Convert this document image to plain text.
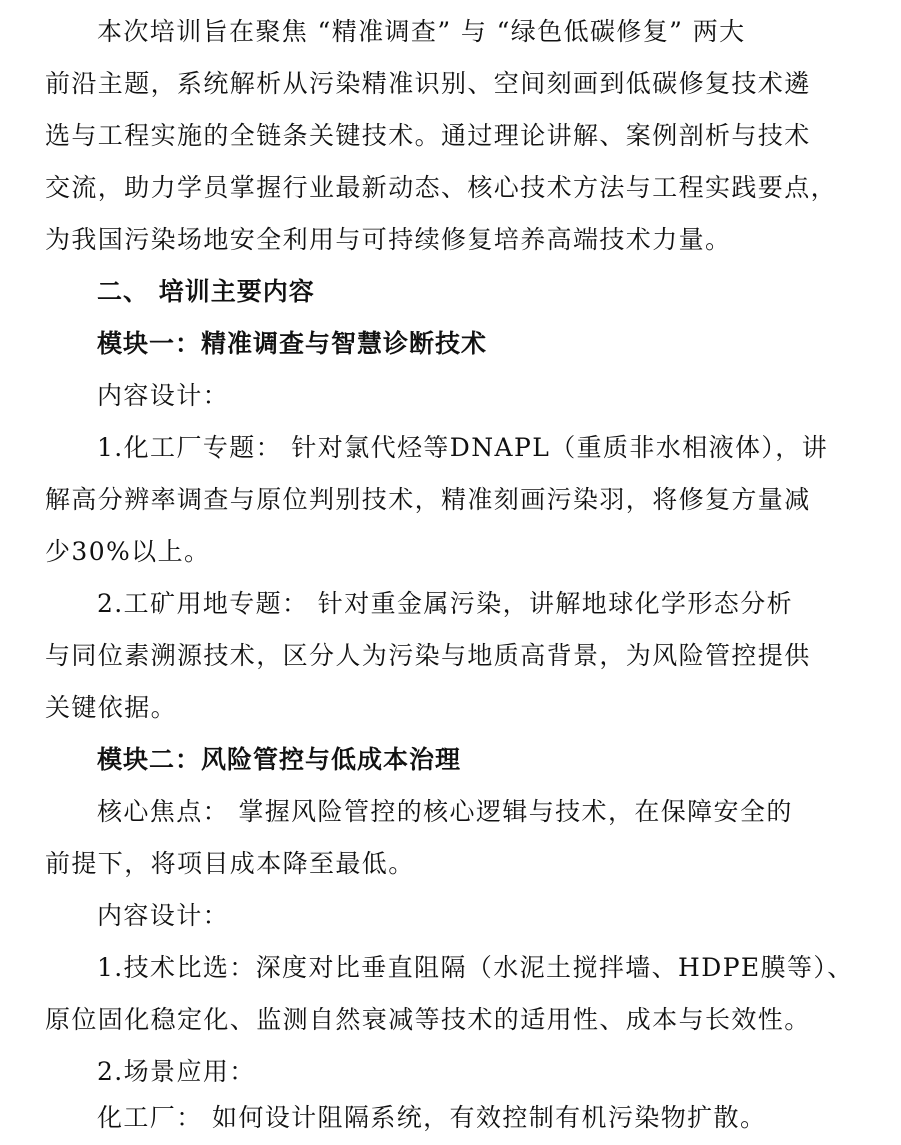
本次培训旨在聚焦 “精准调查” 与 “绿色低碳修复” 两大
前沿主题，系统解析从污染精准识别、空间刻画到低碳修复技术遴
选与工程实施的全链条关键技术。通过理论讲解、案例剖析与技术
交流，助力学员掌握行业最新动态、核心技术方法与工程实践要点，
为我国污染场地安全利用与可持续修复培养高端技术力量。
二、 培训主要内容
模块一：精准调查与智慧诊断技术
内容设计：
1.化工厂专题： 针对氯代烃等DNAPL（重质非水相液体），讲
解高分辨率调查与原位判别技术，精准刻画污染羽，将修复方量减
少30%以上。
2.工矿用地专题： 针对重金属污染，讲解地球化学形态分析
与同位素溯源技术，区分人为污染与地质高背景，为风险管控提供
关键依据。
模块二：风险管控与低成本治理
核心焦点： 掌握风险管控的核心逻辑与技术，在保障安全的
前提下，将项目成本降至最低。
内容设计：
1.技术比选：深度对比垂直阻隔（水泥土搅拌墙、HDPE膜等）、
原位固化稳定化、监测自然衰减等技术的适用性、成本与长效性。
2.场景应用：
化工厂： 如何设计阻隔系统，有效控制有机污染物扩散。
